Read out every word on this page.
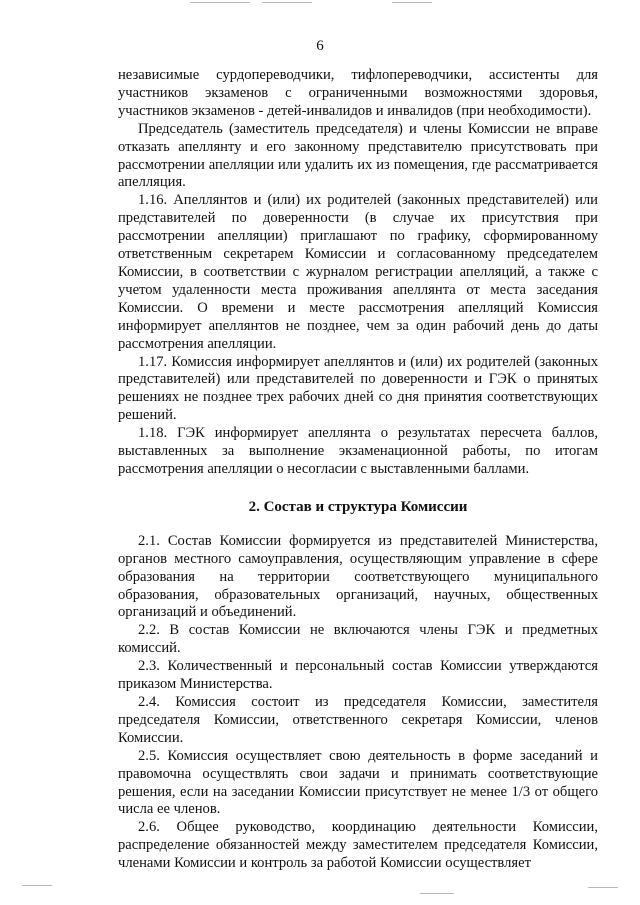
6

независимые сурдопереводчики, тифлопереводчики, ассистенты для участников экзаменов с ограниченными возможностями здоровья, участников экзаменов - детей-инвалидов и инвалидов (при необходимости).

Председатель (заместитель председателя) и члены Комиссии не вправе отказать апеллянту и его законному представителю присутствовать при рассмотрении апелляции или удалить их из помещения, где рассматривается апелляция.

1.16. Апеллянтов и (или) их родителей (законных представителей) или представителей по доверенности (в случае их присутствия при рассмотрении апелляции) приглашают по графику, сформированному ответственным секретарем Комиссии и согласованному председателем Комиссии, в соответствии с журналом регистрации апелляций, а также с учетом удаленности места проживания апеллянта от места заседания Комиссии. О времени и месте рассмотрения апелляций Комиссия информирует апеллянтов не позднее, чем за один рабочий день до даты рассмотрения апелляции.

1.17. Комиссия информирует апеллянтов и (или) их родителей (законных представителей) или представителей по доверенности и ГЭК о принятых решениях не позднее трех рабочих дней со дня принятия соответствующих решений.

1.18. ГЭК информирует апеллянта о результатах пересчета баллов, выставленных за выполнение экзаменационной работы, по итогам рассмотрения апелляции о несогласии с выставленными баллами.

2. Состав и структура Комиссии

2.1. Состав Комиссии формируется из представителей Министерства, органов местного самоуправления, осуществляющим управление в сфере образования на территории соответствующего муниципального образования, образовательных организаций, научных, общественных организаций и объединений.

2.2. В состав Комиссии не включаются члены ГЭК и предметных комиссий.

2.3. Количественный и персональный состав Комиссии утверждаются приказом Министерства.

2.4. Комиссия состоит из председателя Комиссии, заместителя председателя Комиссии, ответственного секретаря Комиссии, членов Комиссии.

2.5. Комиссия осуществляет свою деятельность в форме заседаний и правомочна осуществлять свои задачи и принимать соответствующие решения, если на заседании Комиссии присутствует не менее 1/3 от общего числа ее членов.

2.6. Общее руководство, координацию деятельности Комиссии, распределение обязанностей между заместителем председателя Комиссии, членами Комиссии и контроль за работой Комиссии осуществляет
